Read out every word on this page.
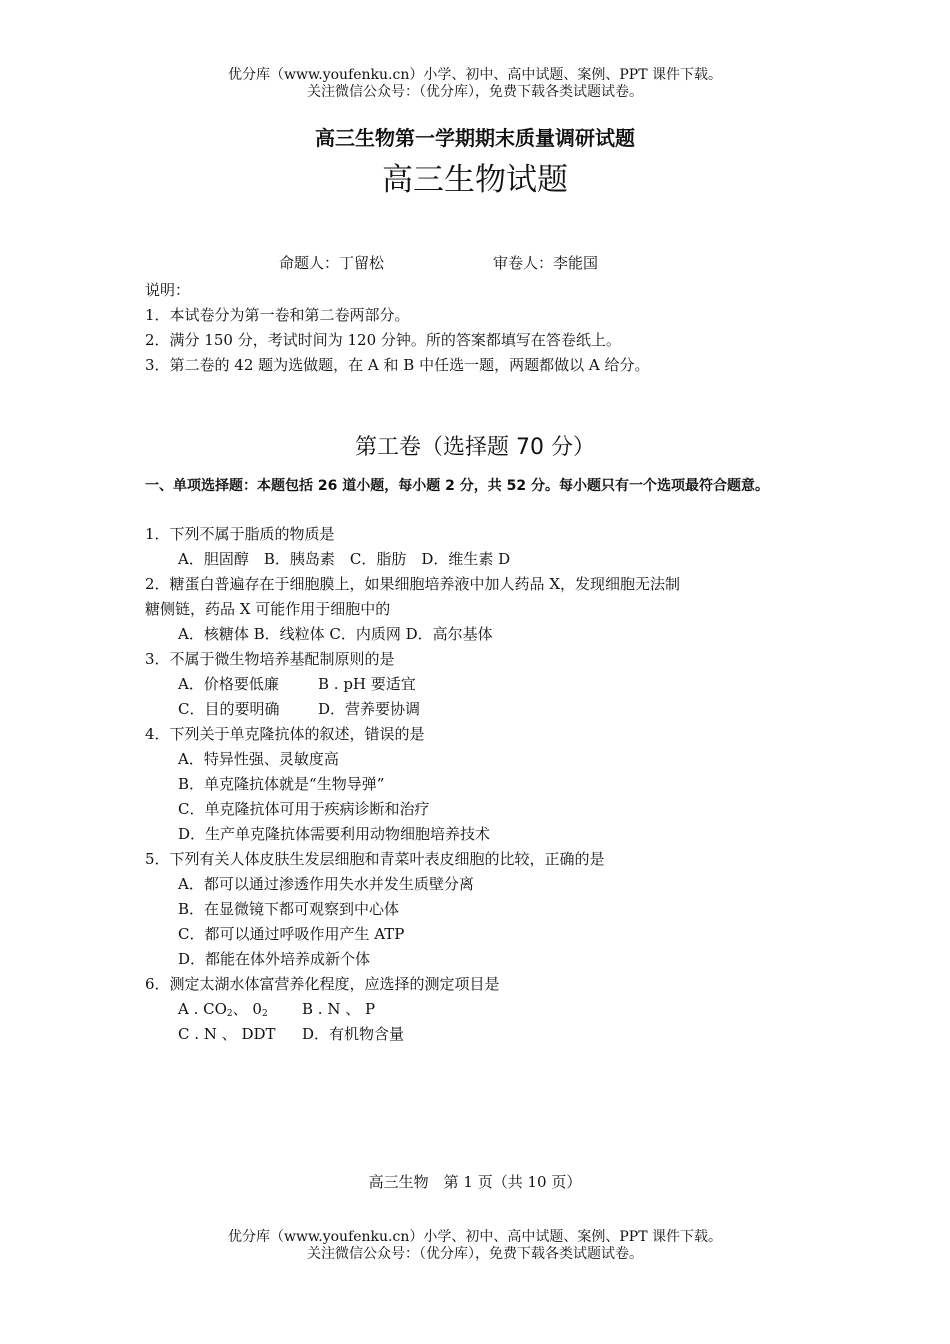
优分库（www.youfenku.cn）小学、初中、高中试题、案例、PPT 课件下载。
关注微信公众号：（优分库），免费下载各类试题试卷。
高三生物第一学期期末质量调研试题
高三生物试题
命题人：丁留松	审卷人：李能国
说明：
1．本试卷分为第一卷和第二卷两部分。
2．满分 150 分，考试时间为 120 分钟。所的答案都填写在答卷纸上。
3．第二卷的 42 题为选做题，在 A 和 B 中任选一题，两题都做以 A 给分。
第工卷（选择题 70 分）
一、单项选择题：本题包括 26 道小题，每小题 2 分，共 52 分。每小题只有一个选项最符合题意。
1．下列不属于脂质的物质是
A．胆固醇　B．胰岛素　C．脂肪　D．维生素 D
2．糖蛋白普遍存在于细胞膜上，如果细胞培养液中加人药品 X，发现细胞无法制
糖侧链，药品 X 可能作用于细胞中的
A．核糖体 B．线粒体 C．内质网 D．高尔基体
3．不属于微生物培养基配制原则的是
A．价格要低廉	B . pH 要适宜
C．目的要明确	D．营养要协调
4．下列关于单克隆抗体的叙述，错误的是
A．特异性强、灵敏度高
B．单克隆抗体就是“生物导弹”
C．单克隆抗体可用于疾病诊断和治疗
D．生产单克隆抗体需要利用动物细胞培养技术
5．下列有关人体皮肤生发层细胞和青菜叶表皮细胞的比较，正确的是
A．都可以通过渗透作用失水并发生质壁分离
B．在显微镜下都可观察到中心体
C．都可以通过呼吸作用产生 ATP
D．都能在体外培养成新个体
6．测定太湖水体富营养化程度，应选择的测定项目是
A . CO2、 02 B . N 、 P
C . N 、 DDT D．有机物含量
高三生物　第 1 页（共 10 页）
优分库（www.youfenku.cn）小学、初中、高中试题、案例、PPT 课件下载。
关注微信公众号：（优分库），免费下载各类试题试卷。
